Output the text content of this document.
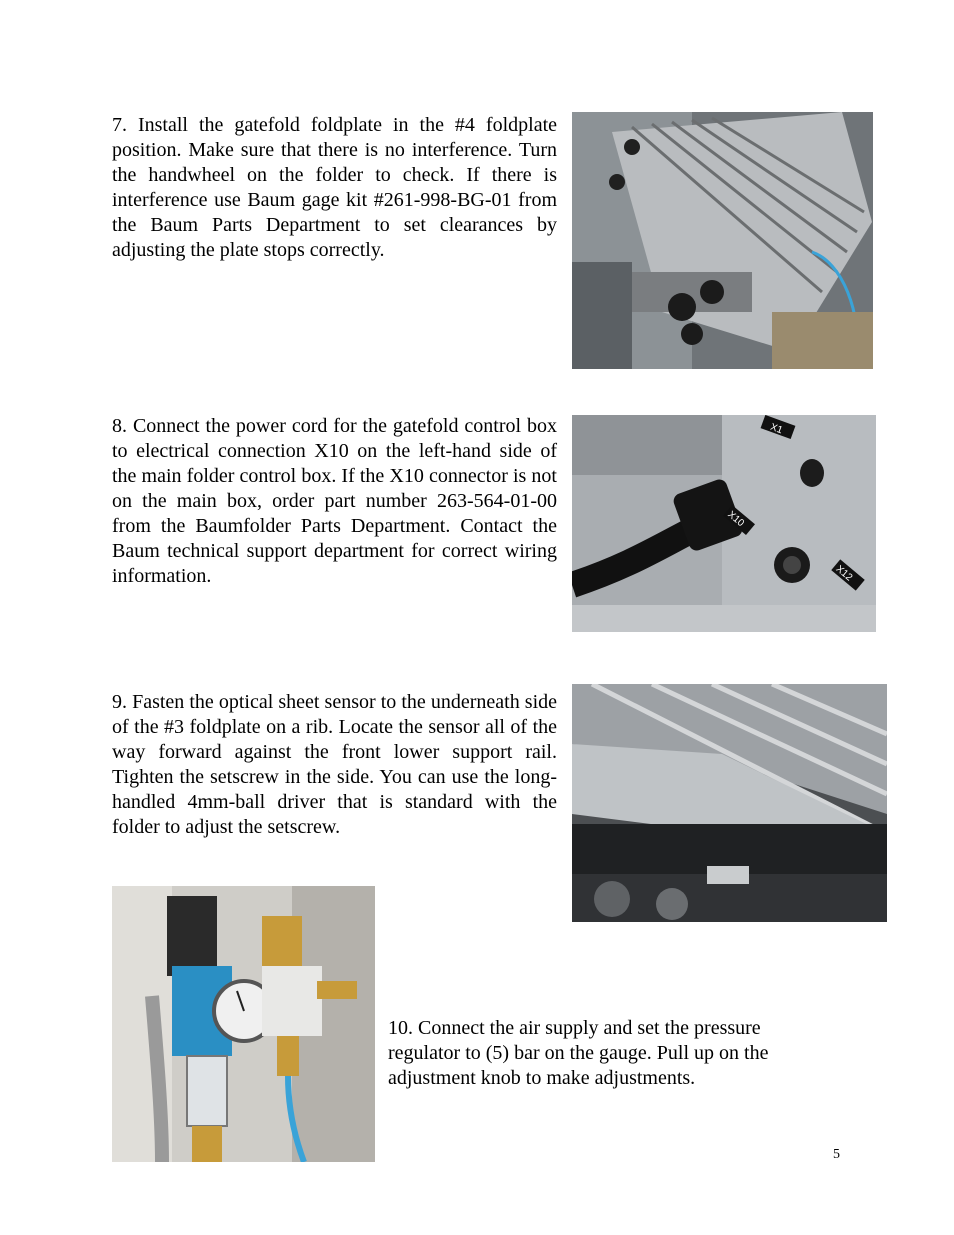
7. Install the gatefold foldplate in the #4 foldplate position. Make sure that there is no interference. Turn the handwheel on the folder to check. If there is interference use Baum gage kit #261-998-BG-01 from the Baum Parts Department to set clearances by adjusting the plate stops correctly.
8. Connect the power cord for the gatefold control box to electrical connection X10 on the left-hand side of the main folder control box. If the X10 connector is not on the main box, order part number 263-564-01-00 from the Baumfolder Parts Department. Contact the Baum technical support department for correct wiring information.
X1
X10
X12
9. Fasten the optical sheet sensor to the underneath side of the #3 foldplate on a rib. Locate the sensor all of the way forward against the front lower support rail. Tighten the setscrew in the side. You can use the long-handled 4mm-ball driver that is standard with the folder to adjust the setscrew.
10. Connect the air supply and set the pressure regulator to (5) bar on the gauge. Pull up on the adjustment knob to make adjustments.
5
